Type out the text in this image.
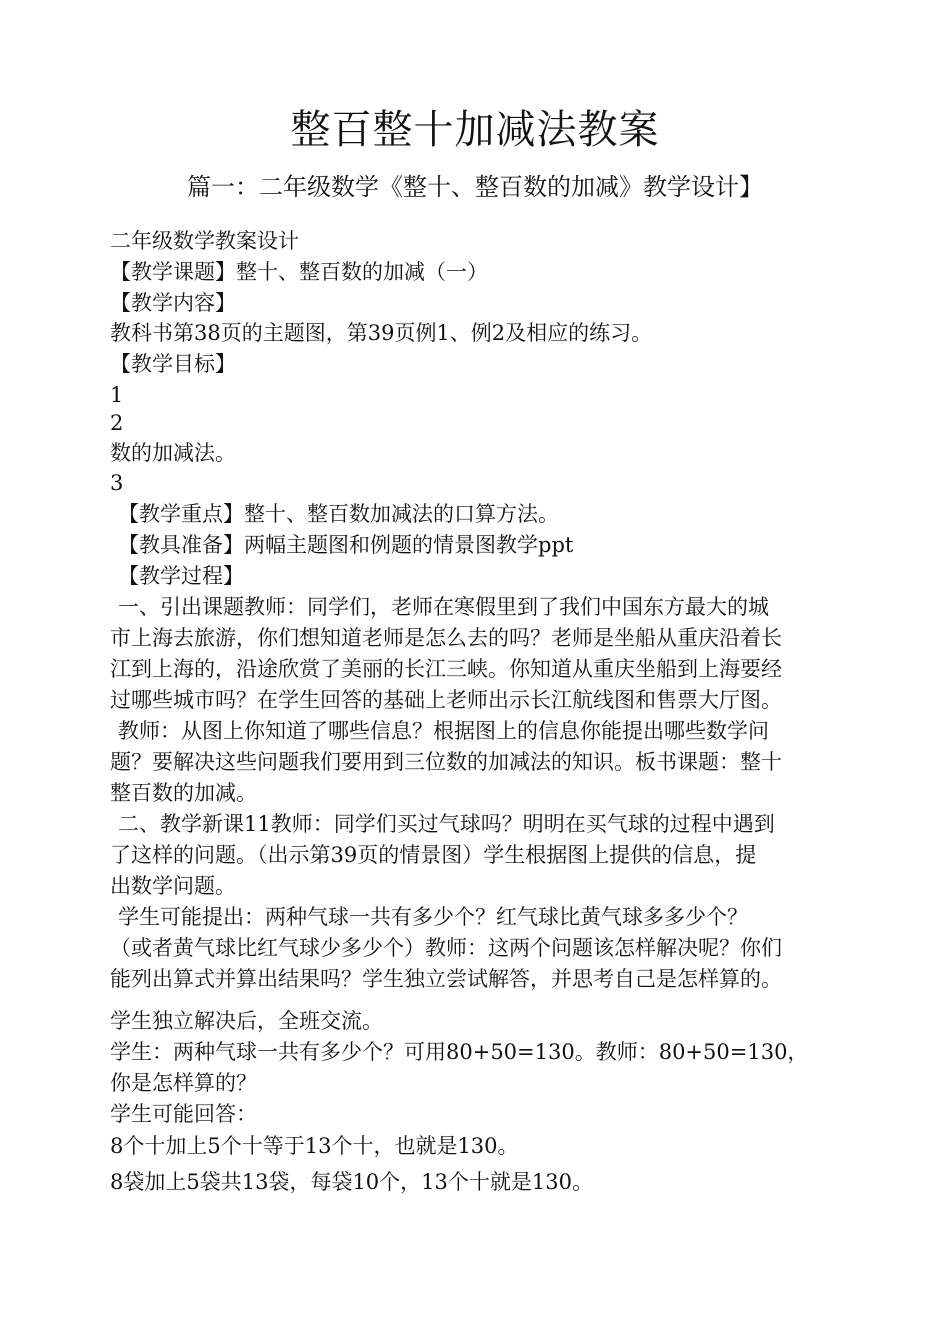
整百整十加减法教案
篇一：二年级数学《整十、整百数的加减》教学设计】

二年级数学教案设计

【教学课题】整十、整百数的加减（一）

【教学内容】

教科书第38页的主题图，第39页例1、例2及相应的练习。

【教学目标】

1

2

数的加减法。

3

【教学重点】整十、整百数加减法的口算方法。

【教具准备】两幅主题图和例题的情景图教学ppt

【教学过程】

一、引出课题教师：同学们，老师在寒假里到了我们中国东方最大的城

市上海去旅游，你们想知道老师是怎么去的吗？老师是坐船从重庆沿着长

江到上海的，沿途欣赏了美丽的长江三峡。你知道从重庆坐船到上海要经

过哪些城市吗？在学生回答的基础上老师出示长江航线图和售票大厅图。

教师：从图上你知道了哪些信息？根据图上的信息你能提出哪些数学问

题？要解决这些问题我们要用到三位数的加减法的知识。板书课题：整十

整百数的加减。

二、教学新课11教师：同学们买过气球吗？明明在买气球的过程中遇到

了这样的问题。（出示第39页的情景图）学生根据图上提供的信息，提

出数学问题。

学生可能提出：两种气球一共有多少个？红气球比黄气球多多少个？

（或者黄气球比红气球少多少个）教师：这两个问题该怎样解决呢？你们

能列出算式并算出结果吗？学生独立尝试解答，并思考自己是怎样算的。

学生独立解决后，全班交流。

学生：两种气球一共有多少个？可用80+50=130。教师：80+50=130，

你是怎样算的？

学生可能回答：

8个十加上5个十等于13个十，也就是130。

8袋加上5袋共13袋，每袋10个，13个十就是130。
